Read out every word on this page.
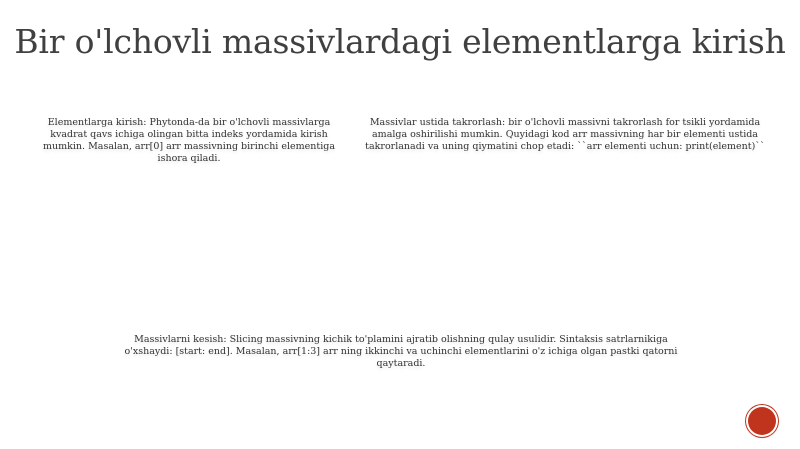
Bir o'lchovli massivlardagi elementlarga kirish
Elementlarga kirish: Phytonda-da bir o'lchovli massivlarga kvadrat qavs ichiga olingan bitta indeks yordamida kirish mumkin. Masalan, arr[0] arr massivning birinchi elementiga ishora qiladi.
Massivlar ustida takrorlash: bir o'lchovli massivni takrorlash for tsikli yordamida amalga oshirilishi mumkin. Quyidagi kod arr massivning har bir elementi ustida takrorlanadi va uning qiymatini chop etadi: ``arr elementi uchun: print(element)``
Massivlarni kesish: Slicing massivning kichik to'plamini ajratib olishning qulay usulidir. Sintaksis satrlarnikiga o'xshaydi: [start: end]. Masalan, arr[1:3] arr ning ikkinchi va uchinchi elementlarini o'z ichiga olgan pastki qatorni qaytaradi.
